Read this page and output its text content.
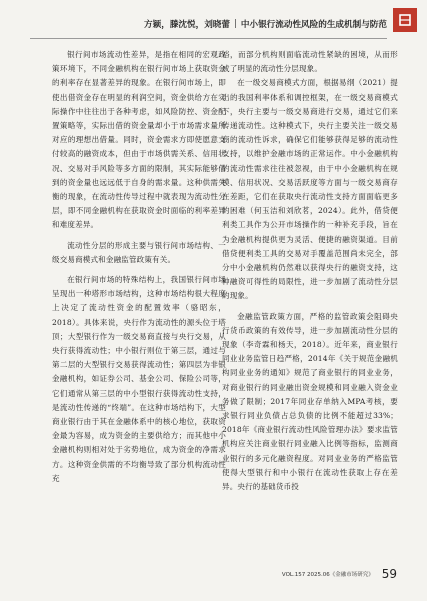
方颖，滕沈悦，刘晓蕾 | 中小银行流动性风险的生成机制与防范

银行间市场流动性差异，是指在相同的宏观政策环境下，不同金融机构在银行间市场上获取资金的利率存在显著差异的现象。在银行间市场上，即使出借资金存在明显的利润空间，资金供给方在实际操作中往往出于各种考虑，如风险防控、资金配置策略等，实际出借的资金量却小于市场需求量所对应的理想出借量。同时，资金需求方即使愿意支付较高的融资成本，但由于市场供需关系、信用状况、交易对手风险等多方面的限制，其实际能够借到的资金量也远远低于自身的需求量。这种供需失衡的现象，在流动性传导过程中就表现为流动性分层，即不同金融机构在获取资金时面临的利率差异和难度差异。

流动性分层的形成主要与银行间市场结构、一级交易商模式和金融监管政策有关。

在银行间市场的特殊结构上，我国银行间市场呈现出一种塔形市场结构，这种市场结构很大程度上决定了流动性资金的配置效率（骆昭东，2018）。具体来说，央行作为流动性的源头位于塔顶；大型银行作为一级交易商直接与央行交易，从央行获得流动性；中小银行则位于第三层，通过与第二层的大型银行交易获得流动性；第四层为非银金融机构，如证券公司、基金公司、保险公司等，它们通常从第三层的中小型银行获得流动性支持，是流动性传递的“终端”。在这种市场结构下，大型商业银行由于其在金融体系中的核心地位，获取资金最为容易，成为资金的主要供给方；而其他中小金融机构则相对处于劣势地位，成为资金的净需求方。这种资金供需的不均衡导致了部分机构流动性充

裕，而部分机构则面临流动性紧缺的困境，从而形成了明显的流动性分层现象。

在一级交易商模式方面，根据易纲（2021）提出的我国利率体系和调控框架，在一级交易商模式下，央行主要与一级交易商进行交易，通过它们来传递流动性。这种模式下，央行主要关注一级交易商的流动性诉求，确保它们能够获得足够的流动性支持，以维护金融市场的正常运作。中小金融机构的流动性需求往往被忽视，由于中小金融机构在规模、信用状况、交易活跃度等方面与一级交易商存在差距，它们在获取央行流动性支持方面面临更多的困难（何玉洁和刘欣茗，2024）。此外，借贷便利类工具作为公开市场操作的一种补充手段，旨在为金融机构提供更为灵活、便捷的融资渠道。目前借贷便利类工具的交易对手覆盖范围尚未完全，部分中小金融机构仍然难以获得央行的融资支持，这种融资可得性的局限性，进一步加剧了流动性分层的现象。

金融监管政策方面，严格的监管政策会阻碍央行货币政策的有效传导，进一步加剧流动性分层的现象（李奇霖和杨天，2018）。近年来，商业银行同业业务监管日趋严格，2014年《关于规范金融机构同业业务的通知》规范了商业银行的同业业务，对商业银行的同业融出资金规模和同业融入资金业务做了限制；2017年同业存单纳入MPA考核，要求银行同业负债占总负债的比例不能超过33%；2018年《商业银行流动性风险管理办法》要求监管机构应关注商业银行同业融入比例等指标，监测商业银行的多元化融资程度。对同业业务的严格监管使得大型银行和中小银行在流动性获取上存在差异。央行的基础货币投

VOL.157 2025.06《金融市场研究》 59
